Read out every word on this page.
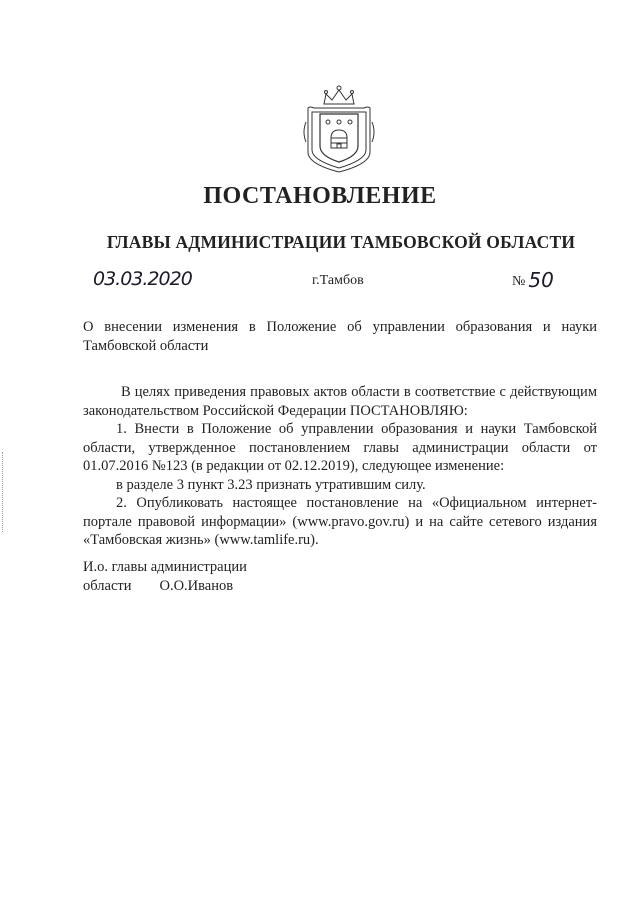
ПОСТАНОВЛЕНИЕ
ГЛАВЫ АДМИНИСТРАЦИИ ТАМБОВСКОЙ ОБЛАСТИ
03.03.2020	г.Тамбов	№ 50
О внесении изменения в Положение об управлении образования и науки Тамбовской области

В целях приведения правовых актов области в соответствие с действующим законодательством Российской Федерации ПОСТАНОВЛЯЮ:

1. Внести в Положение об управлении образования и науки Тамбовской области, утвержденное постановлением главы администрации области от 01.07.2016 №123 (в редакции от 02.12.2019), следующее изменение:

в разделе 3 пункт 3.23 признать утратившим силу.

2. Опубликовать настоящее постановление на «Официальном интернет-портале правовой информации» (www.pravo.gov.ru) и на сайте сетевого издания «Тамбовская жизнь» (www.tamlife.ru).

И.о. главы администрации
области О.О.Иванов
